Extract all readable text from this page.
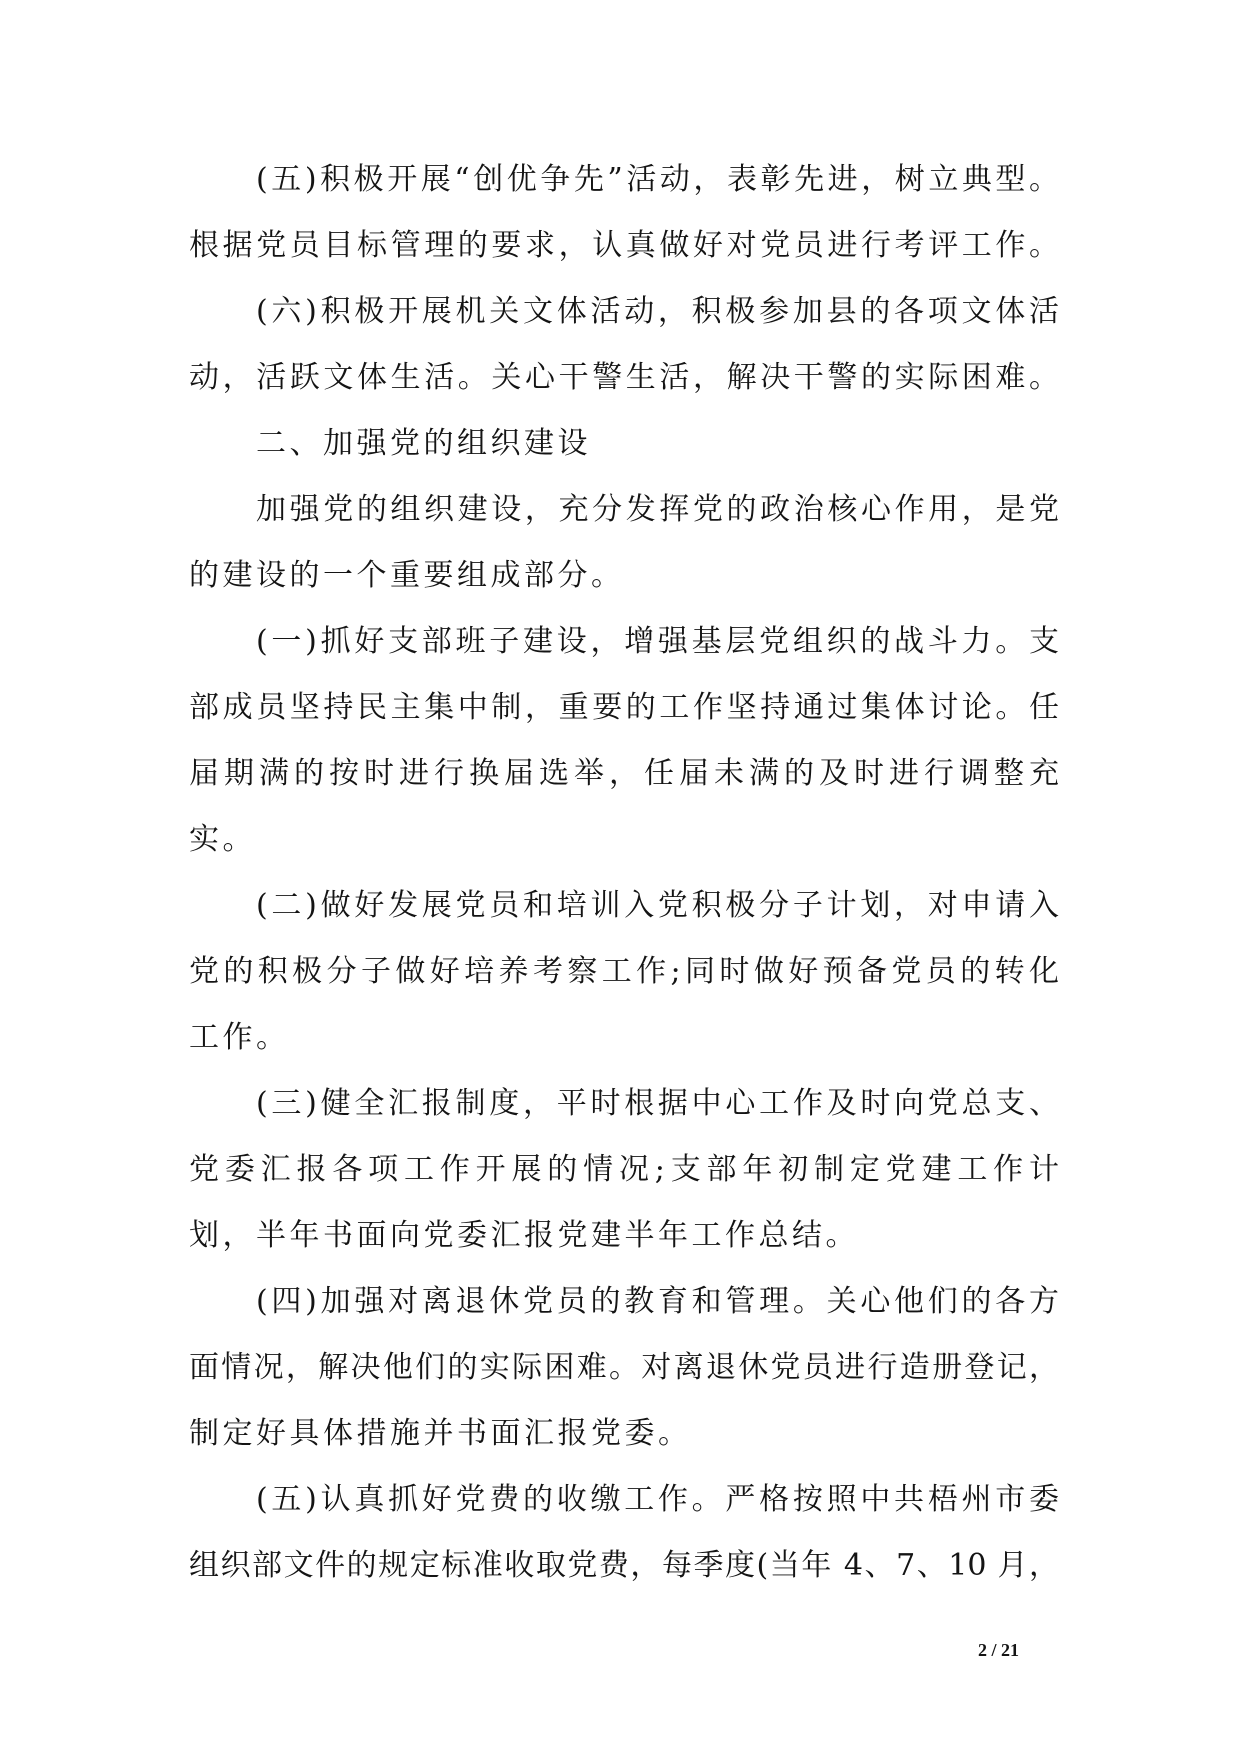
(五)积极开展“创优争先”活动，表彰先进，树立典型。
根据党员目标管理的要求，认真做好对党员进行考评工作。
(六)积极开展机关文体活动，积极参加县的各项文体活
动，活跃文体生活。关心干警生活，解决干警的实际困难。
二、加强党的组织建设
加强党的组织建设，充分发挥党的政治核心作用，是党
的建设的一个重要组成部分。
(一)抓好支部班子建设，增强基层党组织的战斗力。支
部成员坚持民主集中制，重要的工作坚持通过集体讨论。任
届期满的按时进行换届选举，任届未满的及时进行调整充
实。
(二)做好发展党员和培训入党积极分子计划，对申请入
党的积极分子做好培养考察工作;同时做好预备党员的转化
工作。
(三)健全汇报制度，平时根据中心工作及时向党总支、
党委汇报各项工作开展的情况;支部年初制定党建工作计
划，半年书面向党委汇报党建半年工作总结。
(四)加强对离退休党员的教育和管理。关心他们的各方
面情况，解决他们的实际困难。对离退休党员进行造册登记，
制定好具体措施并书面汇报党委。
(五)认真抓好党费的收缴工作。严格按照中共梧州市委
组织部文件的规定标准收取党费，每季度(当年 4、7、10 月，
2 / 21
